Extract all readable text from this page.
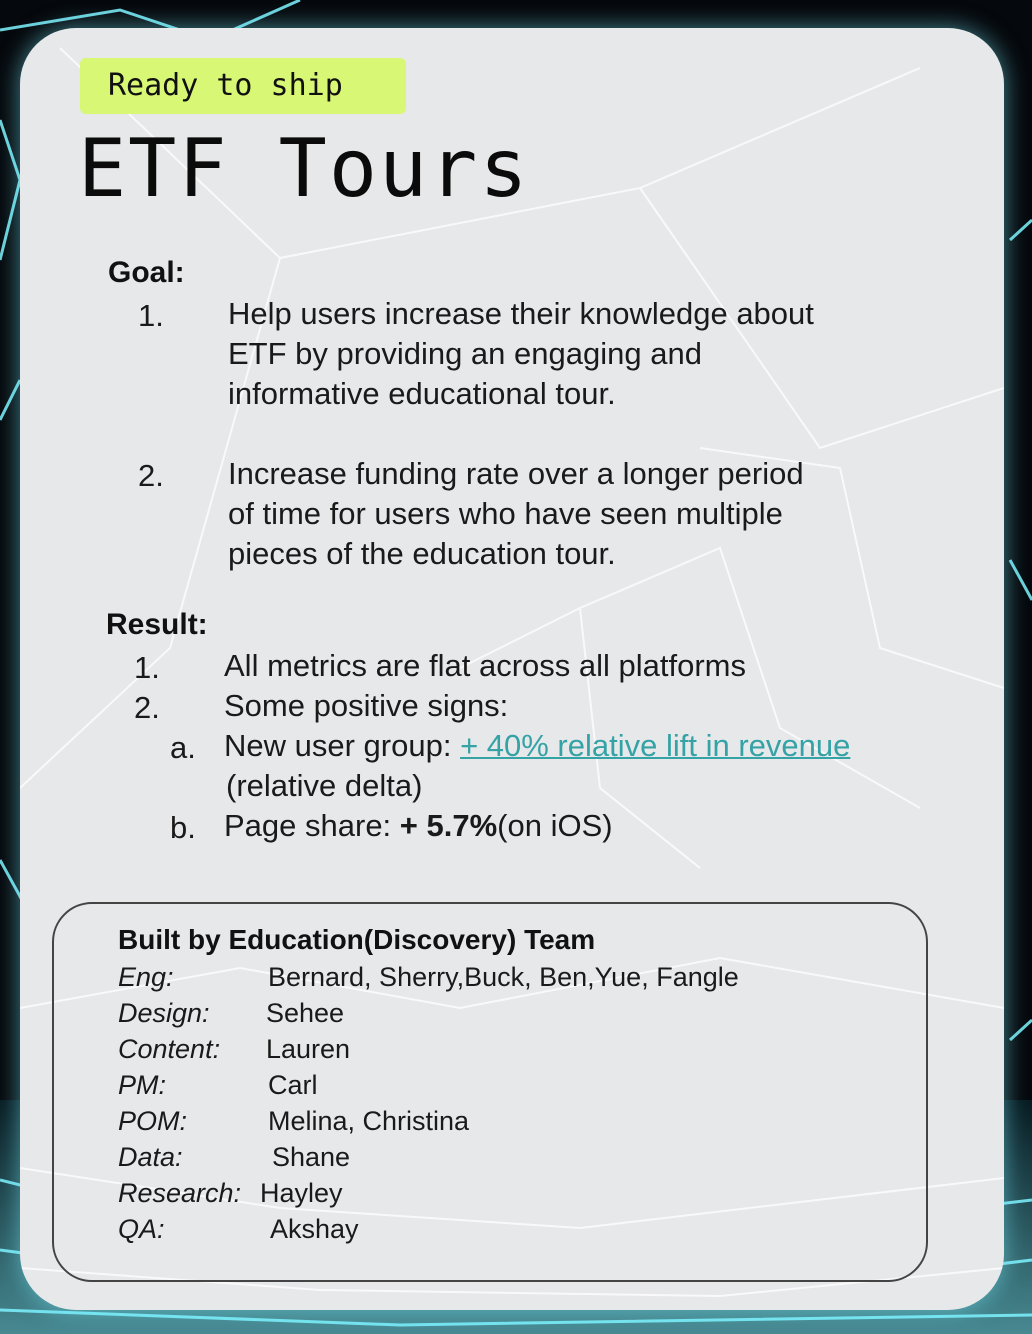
Ready to ship
ETF Tours
Goal:
1. Help users increase their knowledge about
ETF by providing an engaging and
informative educational tour.
2. Increase funding rate over a longer period
of time for users who have seen multiple
pieces of the education tour.
Result:
1. All metrics are flat across all platforms
2. Some positive signs:
a. New user group: + 40% relative lift in revenue
(relative delta)
b. Page share: + 5.7%(on iOS)
Built by Education(Discovery) Team
Eng:	Bernard, Sherry,Buck, Ben,Yue, Fangle
Design: Sehee
Content: Lauren
PM:	Carl
POM:	Melina, Christina
Data:	Shane
Research: Hayley
QA:	Akshay
